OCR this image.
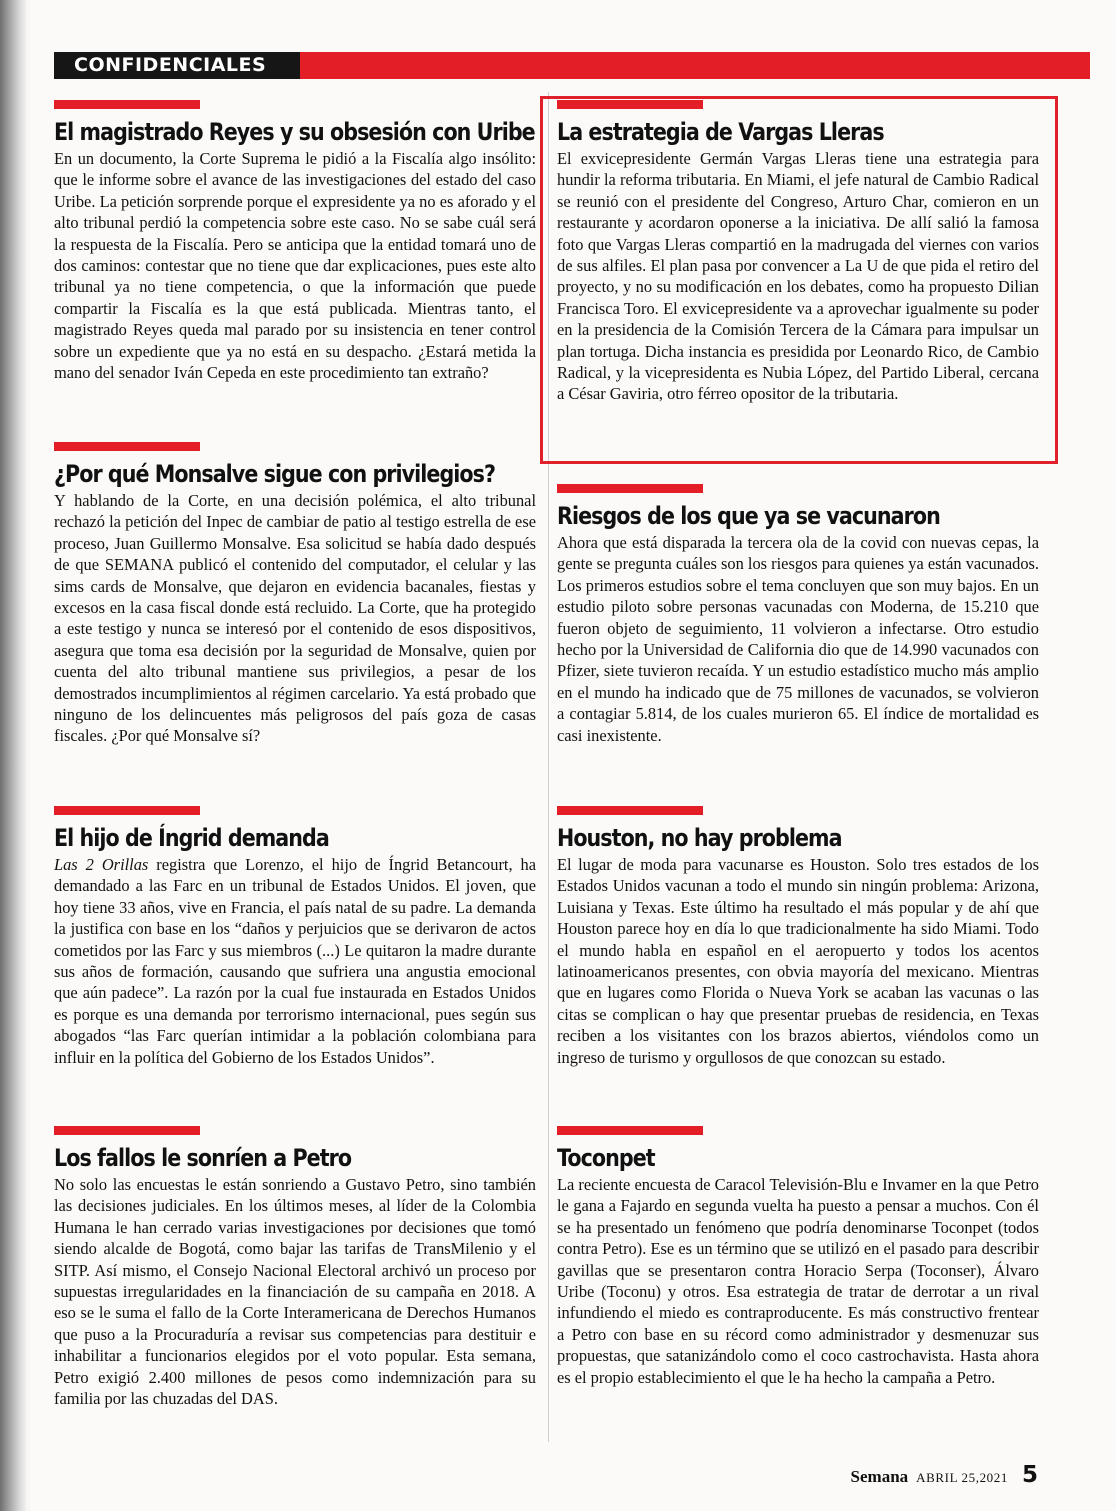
CONFIDENCIALES
El magistrado Reyes y su obsesión con Uribe

En un documento, la Corte Suprema le pidió a la Fiscalía algo insólito: que le informe sobre el avance de las investigaciones del estado del caso Uribe. La petición sorprende porque el expresidente ya no es aforado y el alto tribunal perdió la competencia sobre este caso. No se sabe cuál será la respuesta de la Fiscalía. Pero se anticipa que la entidad tomará uno de dos caminos: contestar que no tiene que dar explicaciones, pues este alto tribunal ya no tiene competencia, o que la información que puede compartir la Fiscalía es la que está publicada. Mientras tanto, el magistrado Reyes queda mal parado por su insistencia en tener control sobre un expediente que ya no está en su despacho. ¿Estará metida la mano del senador Iván Cepeda en este procedimiento tan extraño?

¿Por qué Monsalve sigue con privilegios?

Y hablando de la Corte, en una decisión polémica, el alto tribunal rechazó la petición del Inpec de cambiar de patio al testigo estrella de ese proceso, Juan Guillermo Monsalve. Esa solicitud se había dado después de que SEMANA publicó el contenido del computador, el celular y las sims cards de Monsalve, que dejaron en evidencia bacanales, fiestas y excesos en la casa fiscal donde está recluido. La Corte, que ha protegido a este testigo y nunca se interesó por el contenido de esos dispositivos, asegura que toma esa decisión por la seguridad de Monsalve, quien por cuenta del alto tribunal mantiene sus privilegios, a pesar de los demostrados incumplimientos al régimen carcelario. Ya está probado que ninguno de los delincuentes más peligrosos del país goza de casas fiscales. ¿Por qué Monsalve sí?

El hijo de Íngrid demanda

Las 2 Orillas registra que Lorenzo, el hijo de Íngrid Betancourt, ha demandado a las Farc en un tribunal de Estados Unidos. El joven, que hoy tiene 33 años, vive en Francia, el país natal de su padre. La demanda la justifica con base en los “daños y perjuicios que se derivaron de actos cometidos por las Farc y sus miembros (...) Le quitaron la madre durante sus años de formación, causando que sufriera una angustia emocional que aún padece”. La razón por la cual fue instaurada en Estados Unidos es porque es una demanda por terrorismo internacional, pues según sus abogados “las Farc querían intimidar a la población colombiana para influir en la política del Gobierno de los Estados Unidos”.

Los fallos le sonríen a Petro

No solo las encuestas le están sonriendo a Gustavo Petro, sino también las decisiones judiciales. En los últimos meses, al líder de la Colombia Humana le han cerrado varias investigaciones por decisiones que tomó siendo alcalde de Bogotá, como bajar las tarifas de TransMilenio y el SITP. Así mismo, el Consejo Nacional Electoral archivó un proceso por supuestas irregularidades en la financiación de su campaña en 2018. A eso se le suma el fallo de la Corte Interamericana de Derechos Humanos que puso a la Procuraduría a revisar sus competencias para destituir e inhabilitar a funcionarios elegidos por el voto popular. Esta semana, Petro exigió 2.400 millones de pesos como indemnización para su familia por las chuzadas del DAS.

La estrategia de Vargas Lleras

El exvicepresidente Germán Vargas Lleras tiene una estrategia para hundir la reforma tributaria. En Miami, el jefe natural de Cambio Radical se reunió con el presidente del Congreso, Arturo Char, comieron en un restaurante y acordaron oponerse a la iniciativa. De allí salió la famosa foto que Vargas Lleras compartió en la madrugada del viernes con varios de sus alfiles. El plan pasa por convencer a La U de que pida el retiro del proyecto, y no su modificación en los debates, como ha propuesto Dilian Francisca Toro. El exvicepresidente va a aprovechar igualmente su poder en la presidencia de la Comisión Tercera de la Cámara para impulsar un plan tortuga. Dicha instancia es presidida por Leonardo Rico, de Cambio Radical, y la vicepresidenta es Nubia López, del Partido Liberal, cercana a César Gaviria, otro férreo opositor de la tributaria.

Riesgos de los que ya se vacunaron

Ahora que está disparada la tercera ola de la covid con nuevas cepas, la gente se pregunta cuáles son los riesgos para quienes ya están vacunados. Los primeros estudios sobre el tema concluyen que son muy bajos. En un estudio piloto sobre personas vacunadas con Moderna, de 15.210 que fueron objeto de seguimiento, 11 volvieron a infectarse. Otro estudio hecho por la Universidad de California dio que de 14.990 vacunados con Pfizer, siete tuvieron recaída. Y un estudio estadístico mucho más amplio en el mundo ha indicado que de 75 millones de vacunados, se volvieron a contagiar 5.814, de los cuales murieron 65. El índice de mortalidad es casi inexistente.

Houston, no hay problema

El lugar de moda para vacunarse es Houston. Solo tres estados de los Estados Unidos vacunan a todo el mundo sin ningún problema: Arizona, Luisiana y Texas. Este último ha resultado el más popular y de ahí que Houston parece hoy en día lo que tradicionalmente ha sido Miami. Todo el mundo habla en español en el aeropuerto y todos los acentos latinoamericanos presentes, con obvia mayoría del mexicano. Mientras que en lugares como Florida o Nueva York se acaban las vacunas o las citas se complican o hay que presentar pruebas de residencia, en Texas reciben a los visitantes con los brazos abiertos, viéndolos como un ingreso de turismo y orgullosos de que conozcan su estado.

Toconpet

La reciente encuesta de Caracol Televisión-Blu e Invamer en la que Petro le gana a Fajardo en segunda vuelta ha puesto a pensar a muchos. Con él se ha presentado un fenómeno que podría denominarse Toconpet (todos contra Petro). Ese es un término que se utilizó en el pasado para describir gavillas que se presentaron contra Horacio Serpa (Toconser), Álvaro Uribe (Toconu) y otros. Esa estrategia de tratar de derrotar a un rival infundiendo el miedo es contraproducente. Es más constructivo frentear a Petro con base en su récord como administrador y desmenuzar sus propuestas, que satanizándolo como el coco castrochavista. Hasta ahora es el propio establecimiento el que le ha hecho la campaña a Petro.

Semana ABRIL 25,2021 5
